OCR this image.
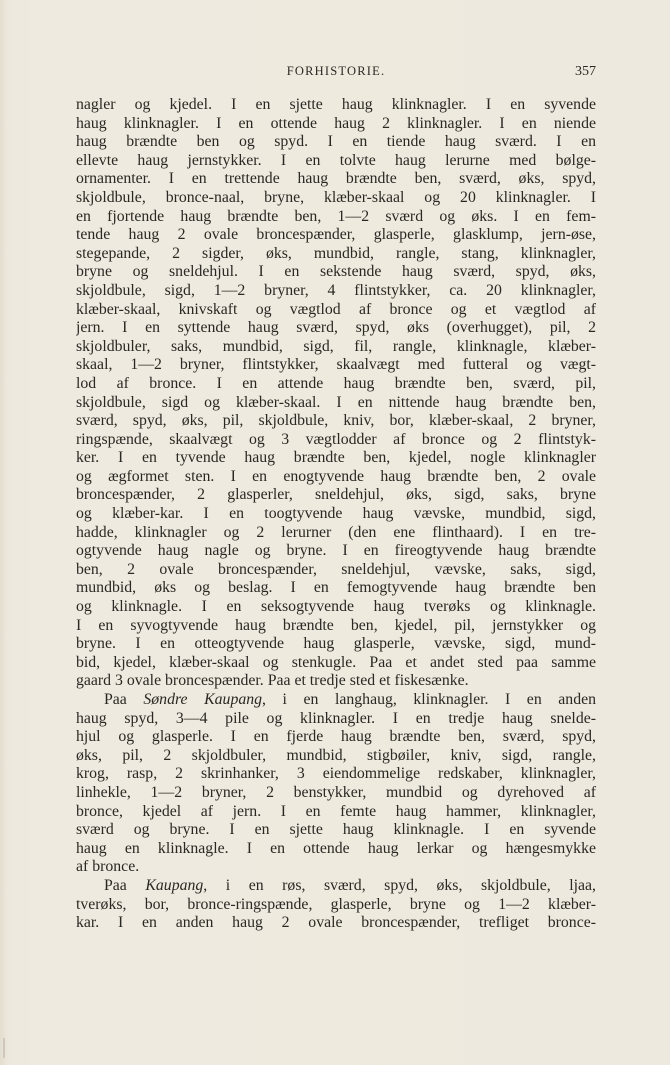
FORHISTORIE.	357
nagler og kjedel. I en sjette haug klinknagler. I en syvende
haug klinknagler. I en ottende haug 2 klinknagler. I en niende
haug brændte ben og spyd. I en tiende haug sværd. I en
ellevte haug jernstykker. I en tolvte haug lerurne med bølge-
ornamenter. I en trettende haug brændte ben, sværd, øks, spyd,
skjoldbule, bronce-naal, bryne, klæber-skaal og 20 klinknagler. I
en fjortende haug brændte ben, 1—2 sværd og øks. I en fem-
tende haug 2 ovale broncespænder, glasperle, glasklump, jern-øse,
stegepande, 2 sigder, øks, mundbid, rangle, stang, klinknagler,
bryne og sneldehjul. I en sekstende haug sværd, spyd, øks,
skjoldbule, sigd, 1—2 bryner, 4 flintstykker, ca. 20 klinknagler,
klæber-skaal, knivskaft og vægtlod af bronce og et vægtlod af
jern. I en syttende haug sværd, spyd, øks (overhugget), pil, 2
skjoldbuler, saks, mundbid, sigd, fil, rangle, klinknagle, klæber-
skaal, 1—2 bryner, flintstykker, skaalvægt med futteral og vægt-
lod af bronce. I en attende haug brændte ben, sværd, pil,
skjoldbule, sigd og klæber-skaal. I en nittende haug brændte ben,
sværd, spyd, øks, pil, skjoldbule, kniv, bor, klæber-skaal, 2 bryner,
ringspænde, skaalvægt og 3 vægtlodder af bronce og 2 flintstyk-
ker. I en tyvende haug brændte ben, kjedel, nogle klinknagler
og ægformet sten. I en enogtyvende haug brændte ben, 2 ovale
broncespænder, 2 glasperler, sneldehjul, øks, sigd, saks, bryne
og klæber-kar. I en toogtyvende haug vævske, mundbid, sigd,
hadde, klinknagler og 2 lerurner (den ene flinthaard). I en tre-
ogtyvende haug nagle og bryne. I en fireogtyvende haug brændte
ben, 2 ovale broncespænder, sneldehjul, vævske, saks, sigd,
mundbid, øks og beslag. I en femogtyvende haug brændte ben
og klinknagle. I en seksogtyvende haug tverøks og klinknagle.
I en syvogtyvende haug brændte ben, kjedel, pil, jernstykker og
bryne. I en otteogtyvende haug glasperle, vævske, sigd, mund-
bid, kjedel, klæber-skaal og stenkugle. Paa et andet sted paa samme
gaard 3 ovale broncespænder. Paa et tredje sted et fiskesænke.
Paa Søndre Kaupang, i en langhaug, klinknagler. I en anden
haug spyd, 3—4 pile og klinknagler. I en tredje haug snelde-
hjul og glasperle. I en fjerde haug brændte ben, sværd, spyd,
øks, pil, 2 skjoldbuler, mundbid, stigbøiler, kniv, sigd, rangle,
krog, rasp, 2 skrinhanker, 3 eiendommelige redskaber, klinknagler,
linhekle, 1—2 bryner, 2 benstykker, mundbid og dyrehoved af
bronce, kjedel af jern. I en femte haug hammer, klinknagler,
sværd og bryne. I en sjette haug klinknagle. I en syvende
haug en klinknagle. I en ottende haug lerkar og hængesmykke
af bronce.
Paa Kaupang, i en røs, sværd, spyd, øks, skjoldbule, ljaa,
tverøks, bor, bronce-ringspænde, glasperle, bryne og 1—2 klæber-
kar. I en anden haug 2 ovale broncespænder, trefliget bronce-
